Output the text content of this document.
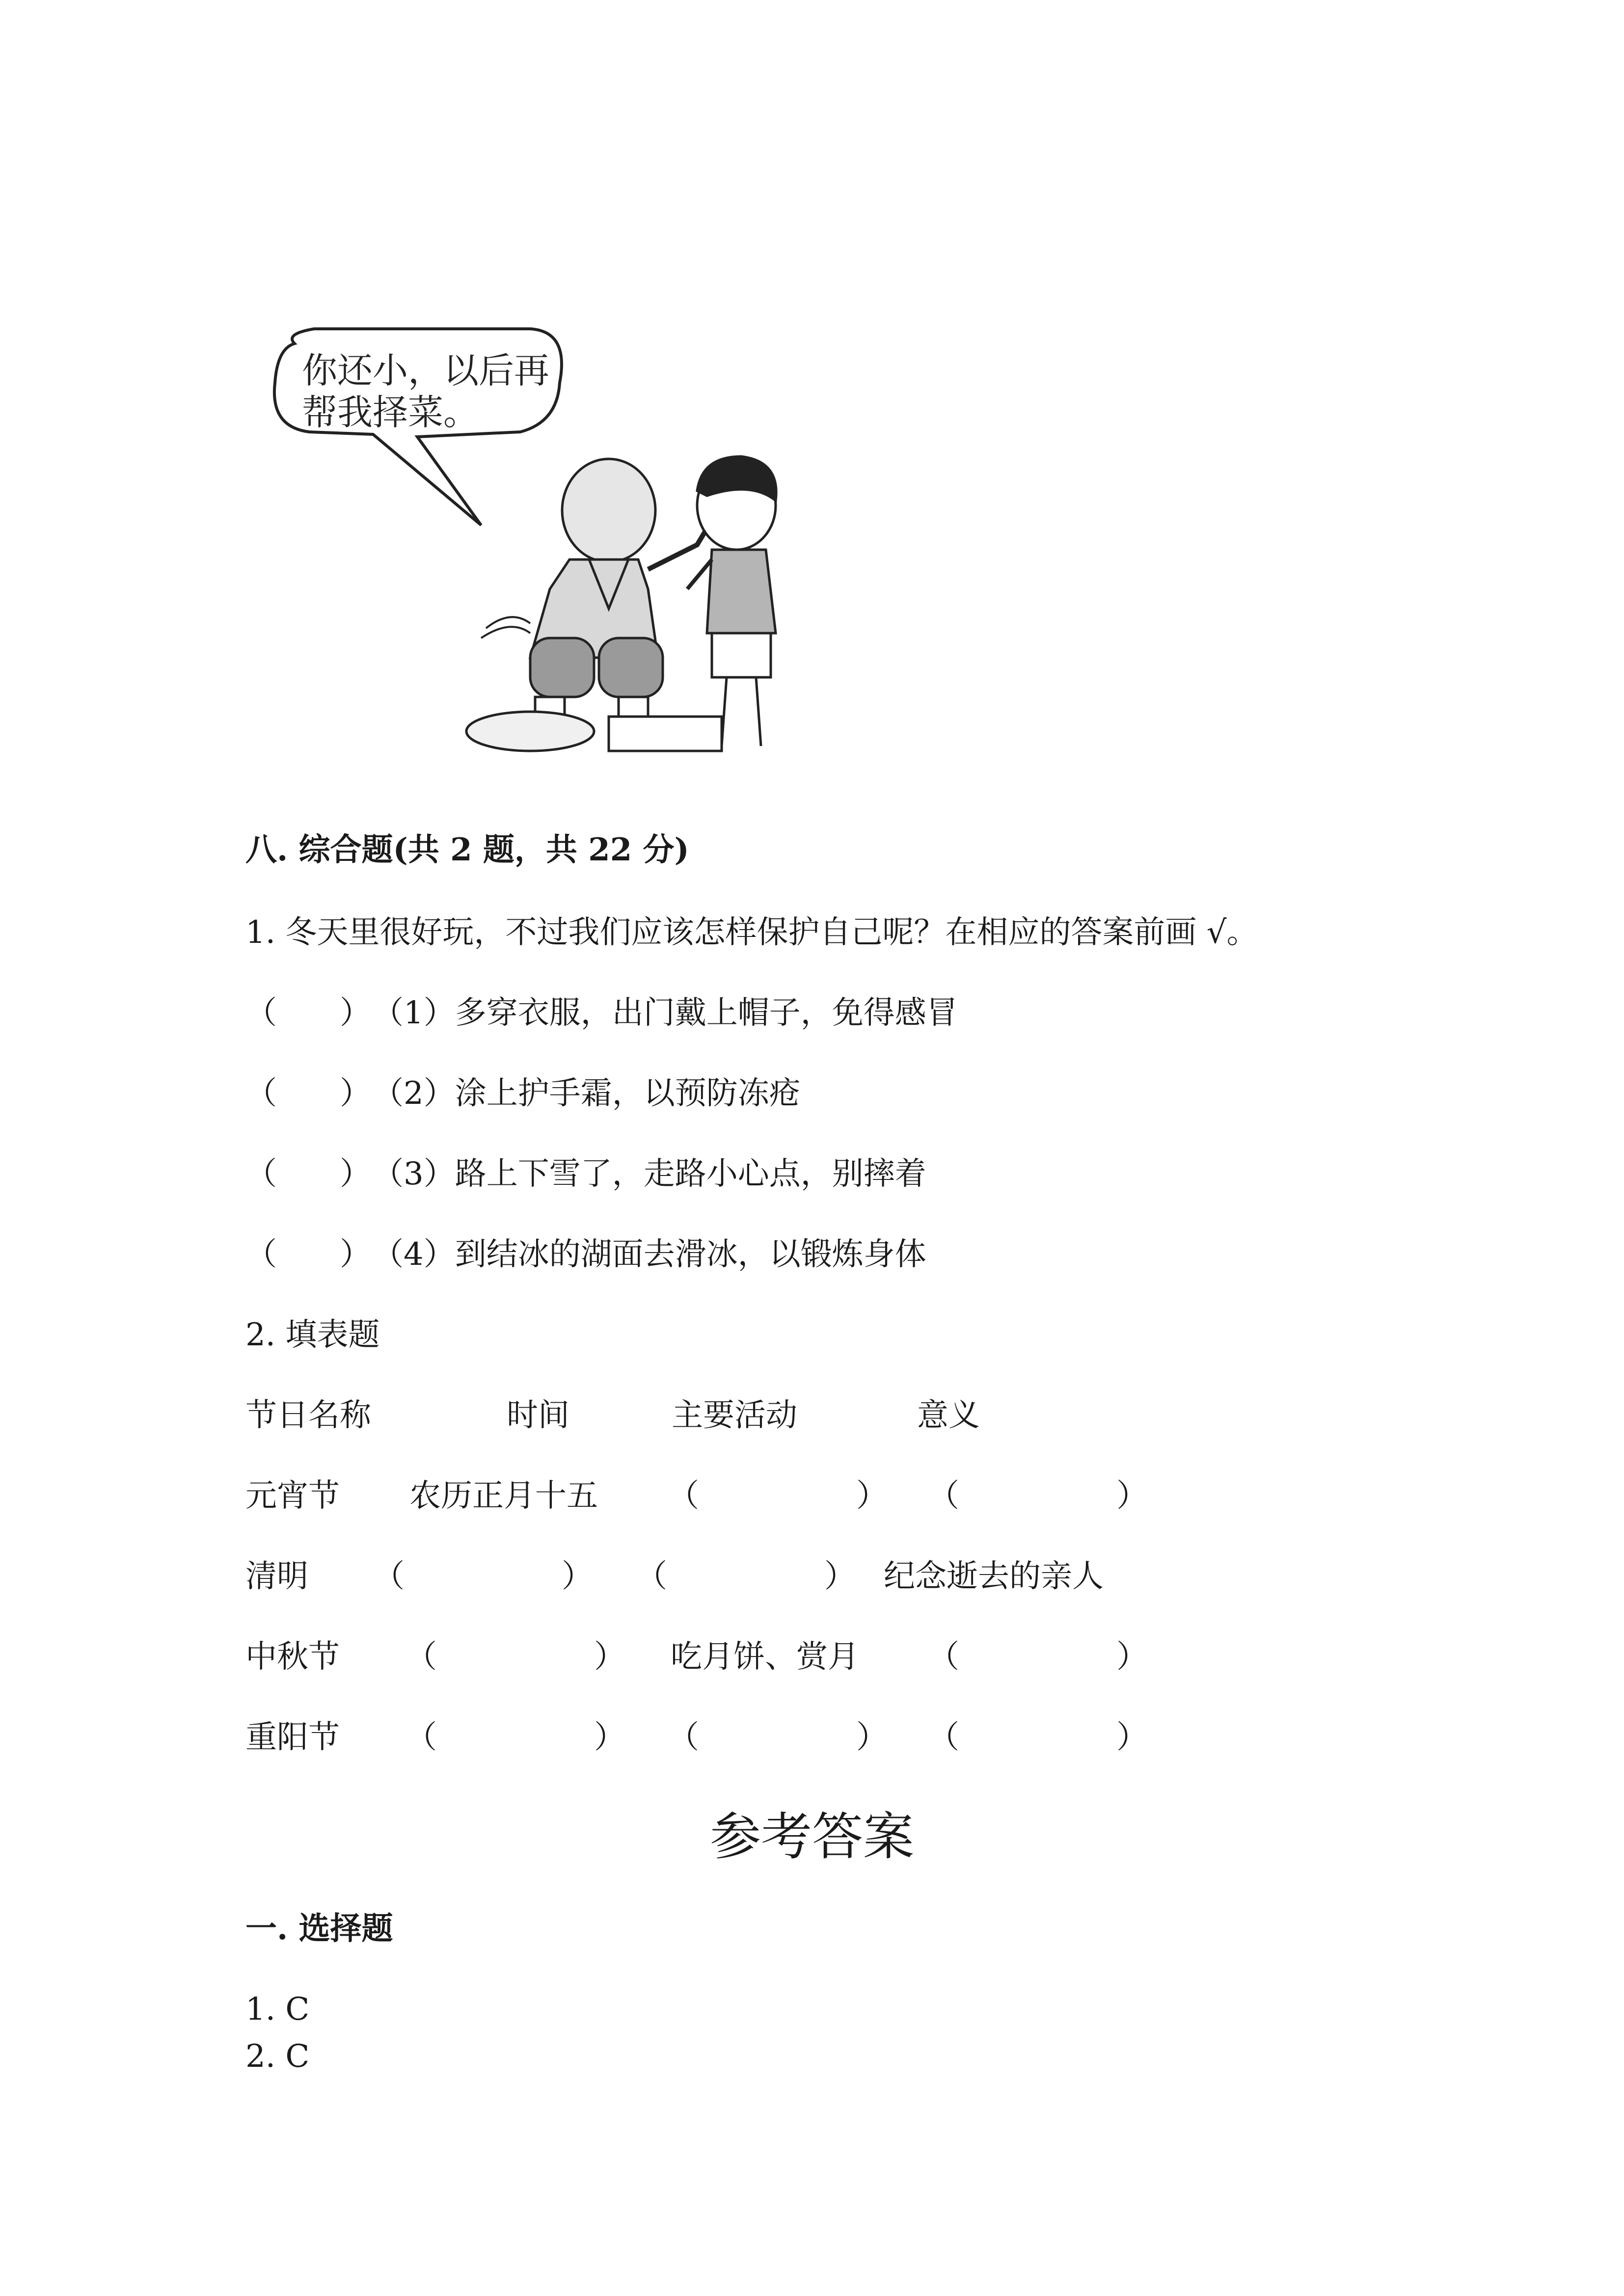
你还小，以后再
帮我择菜。
八. 综合题(共 2 题，共 22 分)
1. 冬天里很好玩，不过我们应该怎样保护自己呢？在相应的答案前画 √。
（　　） （1）多穿衣服，出门戴上帽子，免得感冒
（　　） （2）涂上护手霜，以预防冻疮
（　　） （3）路上下雪了，走路小心点，别摔着
（　　） （4）到结冰的湖面去滑冰，以锻炼身体
2. 填表题
节日名称	时间	主要活动	意义
元宵节 农历正月十五 （　　　　　） （　　　　　）
清明 （　　　　　） （　　　　　） 纪念逝去的亲人
中秋节 （　　　　　） 吃月饼、赏月 （　　　　　）
重阳节 （　　　　　） （　　　　　） （　　　　　）
参考答案
一. 选择题
1. C
2. C
